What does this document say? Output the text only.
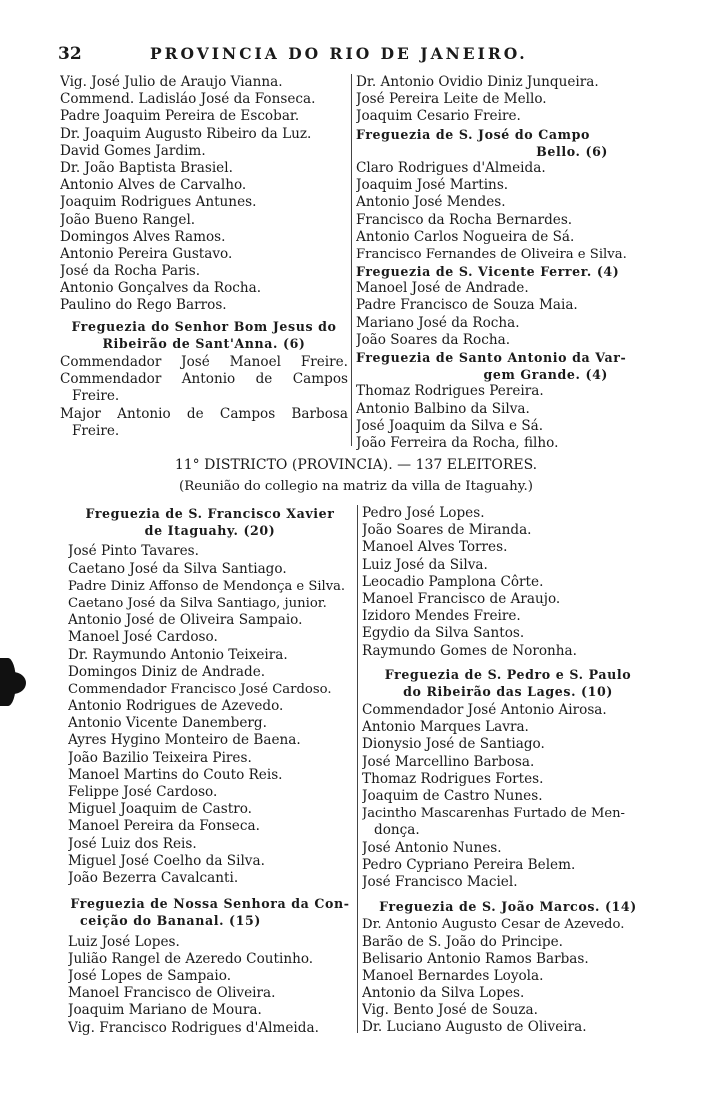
32	PROVINCIA DO RIO DE JANEIRO.
Vig. José Julio de Araujo Vianna.
Commend. Ladisláo José da Fonseca.
Padre Joaquim Pereira de Escobar.
Dr. Joaquim Augusto Ribeiro da Luz.
David Gomes Jardim.
Dr. João Baptista Brasiel.
Antonio Alves de Carvalho.
Joaquim Rodrigues Antunes.
João Bueno Rangel.
Domingos Alves Ramos.
Antonio Pereira Gustavo.
José da Rocha Paris.
Antonio Gonçalves da Rocha.
Paulino do Rego Barros.
Freguezia do Senhor Bom Jesus do
Ribeirão de Sant'Anna. (6)
Commendador José Manoel Freire.
Commendador Antonio de Campos
Freire.
Major Antonio de Campos Barbosa
Freire.
Dr. Antonio Ovidio Diniz Junqueira.
José Pereira Leite de Mello.
Joaquim Cesario Freire.
Freguezia de S. José do Campo
Bello. (6)
Claro Rodrigues d'Almeida.
Joaquim José Martins.
Antonio José Mendes.
Francisco da Rocha Bernardes.
Antonio Carlos Nogueira de Sá.
Francisco Fernandes de Oliveira e Silva.
Freguezia de S. Vicente Ferrer. (4)
Manoel José de Andrade.
Padre Francisco de Souza Maia.
Mariano José da Rocha.
João Soares da Rocha.
Freguezia de Santo Antonio da Var-
gem Grande. (4)
Thomaz Rodrigues Pereira.
Antonio Balbino da Silva.
José Joaquim da Silva e Sá.
João Ferreira da Rocha, filho.
11° DISTRICTO (PROVINCIA). — 137 ELEITORES.
(Reunião do collegio na matriz da villa de Itaguahy.)
Freguezia de S. Francisco Xavier
de Itaguahy. (20)
José Pinto Tavares.
Caetano José da Silva Santiago.
Padre Diniz Affonso de Mendonça e Silva.
Caetano José da Silva Santiago, junior.
Antonio José de Oliveira Sampaio.
Manoel José Cardoso.
Dr. Raymundo Antonio Teixeira.
Domingos Diniz de Andrade.
Commendador Francisco José Cardoso.
Antonio Rodrigues de Azevedo.
Antonio Vicente Danemberg.
Ayres Hygino Monteiro de Baena.
João Bazilio Teixeira Pires.
Manoel Martins do Couto Reis.
Felippe José Cardoso.
Miguel Joaquim de Castro.
Manoel Pereira da Fonseca.
José Luiz dos Reis.
Miguel José Coelho da Silva.
João Bezerra Cavalcanti.
Freguezia de Nossa Senhora da Con-
ceição do Bananal. (15)
Luiz José Lopes.
Julião Rangel de Azeredo Coutinho.
José Lopes de Sampaio.
Manoel Francisco de Oliveira.
Joaquim Mariano de Moura.
Vig. Francisco Rodrigues d'Almeida.
Pedro José Lopes.
João Soares de Miranda.
Manoel Alves Torres.
Luiz José da Silva.
Leocadio Pamplona Côrte.
Manoel Francisco de Araujo.
Izidoro Mendes Freire.
Egydio da Silva Santos.
Raymundo Gomes de Noronha.
Freguezia de S. Pedro e S. Paulo
do Ribeirão das Lages. (10)
Commendador José Antonio Airosa.
Antonio Marques Lavra.
Dionysio José de Santiago.
José Marcellino Barbosa.
Thomaz Rodrigues Fortes.
Joaquim de Castro Nunes.
Jacintho Mascarenhas Furtado de Men-
donça.
José Antonio Nunes.
Pedro Cypriano Pereira Belem.
José Francisco Maciel.
Freguezia de S. João Marcos. (14)
Dr. Antonio Augusto Cesar de Azevedo.
Barão de S. João do Principe.
Belisario Antonio Ramos Barbas.
Manoel Bernardes Loyola.
Antonio da Silva Lopes.
Vig. Bento José de Souza.
Dr. Luciano Augusto de Oliveira.
